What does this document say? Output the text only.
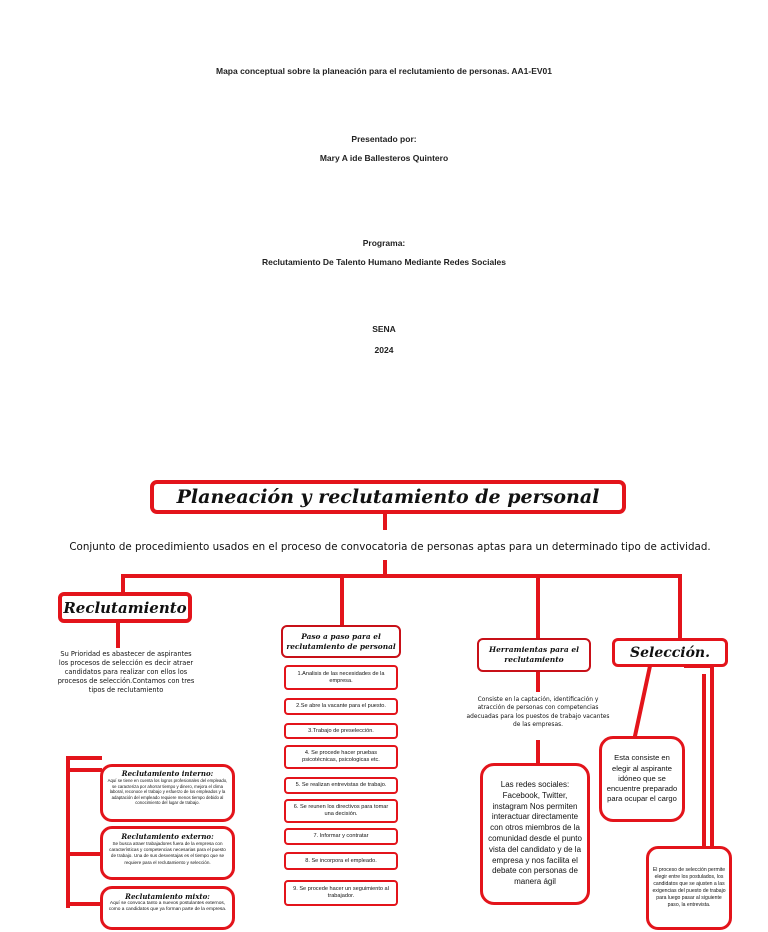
Mapa conceptual sobre la planeación para el reclutamiento de personas. AA1-EV01
Presentado por:
Mary A ide Ballesteros Quintero
Programa:
Reclutamiento De Talento Humano Mediante Redes Sociales
SENA
2024
Planeación y reclutamiento de personal
Conjunto de procedimiento usados en el proceso de convocatoria de personas aptas para un determinado tipo de actividad.
Reclutamiento
Su Prioridad es abastecer de aspirantes los procesos de selección es decir atraer candidatos para realizar con ellos los procesos de selección.Contamos con tres tipos de reclutamiento
Reclutamiento interno:
Aquí se tiene en cuenta los logros profesionales del empleado, se caracteriza por ahorrar tiempo y dinero, mejora el clima laboral, reconoce el trabajo y esfuerzo de los empleados y la adaptación del empleado requiere menos tiempo debido al conocimiento del lugar de trabajo.
Reclutamiento externo:
Se busca atraer trabajadores fuera de la empresa con características y competencias necesarias para el puesto de trabajo. Una de sus desventajas es el tiempo que se requiere para el reclutamiento y selección.
Reclutamiento mixto:
Aquí se convoca tanto a nuevos postulantes externos, como a candidatos que ya forman parte de la empresa.
Paso a paso para el reclutamiento de personal
1.Analisis de las necesidades de la empresa.
2.Se abre la vacante para el puesto.
3.Trabajo de preselección.
4. Se procede hacer pruebas psicotécnicas, psicologicas etc.
5. Se realizan entrevistas de trabajo.
6. Se reunen los directivos para tomar una decisión.
7. Informar y contratar
8. Se incorpora el empleado.
9. Se procede hacer un seguimiento al trabajador.
Herramientas para el reclutamiento
Consiste en la captación, identificación y atracción de personas con competencias adecuadas para los puestos de trabajo vacantes de las empresas.
Las redes sociales: Facebook, Twitter, instagram Nos permiten interactuar directamente con otros miembros de la comunidad desde el punto vista del candidato y de la empresa y nos facilita el debate con personas de manera ágil
Selección.
Esta consiste en elegir al aspirante idóneo que se encuentre preparado para ocupar el cargo
El proceso de selección permite elegir entre los postulados, los candidatos que se ajusten a las exigencias del puesto de trabajo para luego pasar al siguiente paso, la entrevista.
